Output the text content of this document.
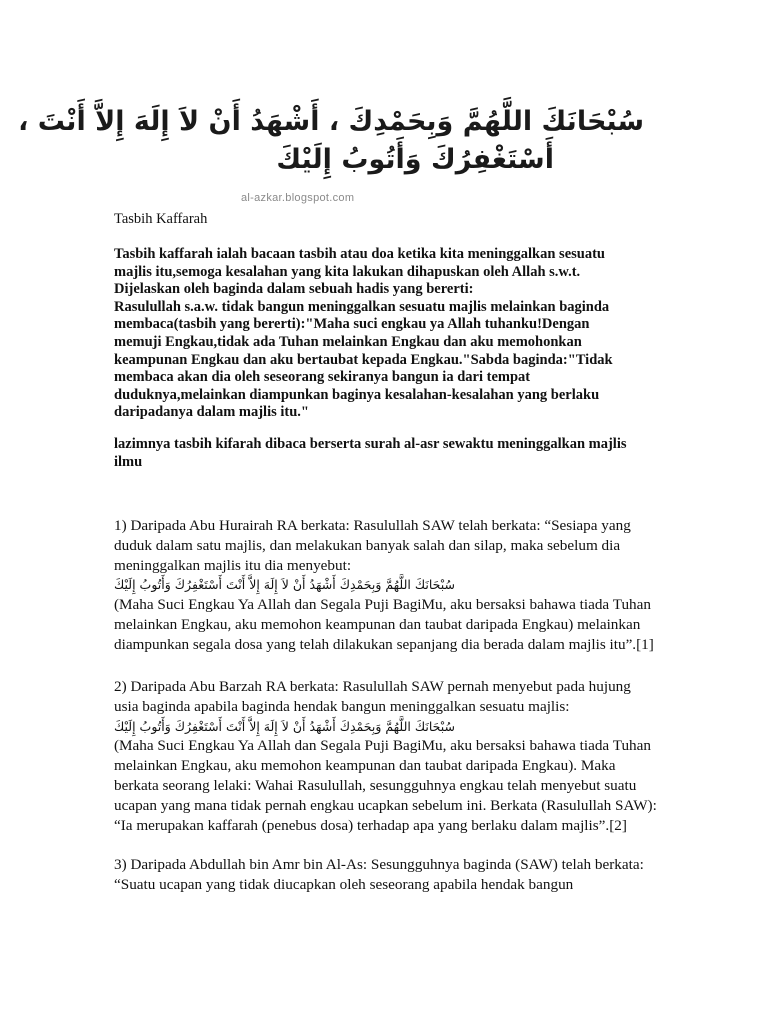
سُبْحَانَكَ اللَّهُمَّ وَبِحَمْدِكَ ، أَشْهَدُ أَنْ لاَ إِلَهَ إِلاَّ أَنْتَ ،
أَسْتَغْفِرُكَ وَأَتُوبُ إِلَيْكَ
al-azkar.blogspot.com
Tasbih Kaffarah

Tasbih kaffarah ialah bacaan tasbih atau doa ketika kita meninggalkan sesuatu

majlis itu,semoga kesalahan yang kita lakukan dihapuskan oleh Allah s.w.t.

Dijelaskan oleh baginda dalam sebuah hadis yang bererti:

Rasulullah s.a.w. tidak bangun meninggalkan sesuatu majlis melainkan baginda

membaca(tasbih yang bererti):"Maha suci engkau ya Allah tuhanku!Dengan

memuji Engkau,tidak ada Tuhan melainkan Engkau dan aku memohonkan

keampunan Engkau dan aku bertaubat kepada Engkau."Sabda baginda:"Tidak

membaca akan dia oleh seseorang sekiranya bangun ia dari tempat

duduknya,melainkan diampunkan baginya kesalahan-kesalahan yang berlaku

daripadanya dalam majlis itu."

lazimnya tasbih kifarah dibaca berserta surah al-asr sewaktu meninggalkan majlis

ilmu

1) Daripada Abu Hurairah RA berkata: Rasulullah SAW telah berkata: “Sesiapa yang

duduk dalam satu majlis, dan melakukan banyak salah dan silap, maka sebelum dia

meninggalkan majlis itu dia menyebut:

سُبْحَانَكَ اللَّهُمَّ وَبِحَمْدِكَ أَشْهَدُ أَنْ لاَ إِلَهَ إِلاَّ أَنْتَ أَسْتَغْفِرُكَ وَأَتُوبُ إِلَيْكَ

(Maha Suci Engkau Ya Allah dan Segala Puji BagiMu, aku bersaksi bahawa tiada Tuhan

melainkan Engkau, aku memohon keampunan dan taubat daripada Engkau) melainkan

diampunkan segala dosa yang telah dilakukan sepanjang dia berada dalam majlis itu”.[1]

2) Daripada Abu Barzah RA berkata: Rasulullah SAW pernah menyebut pada hujung

usia baginda apabila baginda hendak bangun meninggalkan sesuatu majlis:

سُبْحَانَكَ اللَّهُمَّ وَبِحَمْدِكَ أَشْهَدُ أَنْ لاَ إِلَهَ إِلاَّ أَنْتَ أَسْتَغْفِرُكَ وَأَتُوبُ إِلَيْكَ

(Maha Suci Engkau Ya Allah dan Segala Puji BagiMu, aku bersaksi bahawa tiada Tuhan

melainkan Engkau, aku memohon keampunan dan taubat daripada Engkau). Maka

berkata seorang lelaki: Wahai Rasulullah, sesungguhnya engkau telah menyebut suatu

ucapan yang mana tidak pernah engkau ucapkan sebelum ini. Berkata (Rasulullah SAW):

“Ia merupakan kaffarah (penebus dosa) terhadap apa yang berlaku dalam majlis”.[2]

3) Daripada Abdullah bin Amr bin Al-As: Sesungguhnya baginda (SAW) telah berkata:

“Suatu ucapan yang tidak diucapkan oleh seseorang apabila hendak bangun
